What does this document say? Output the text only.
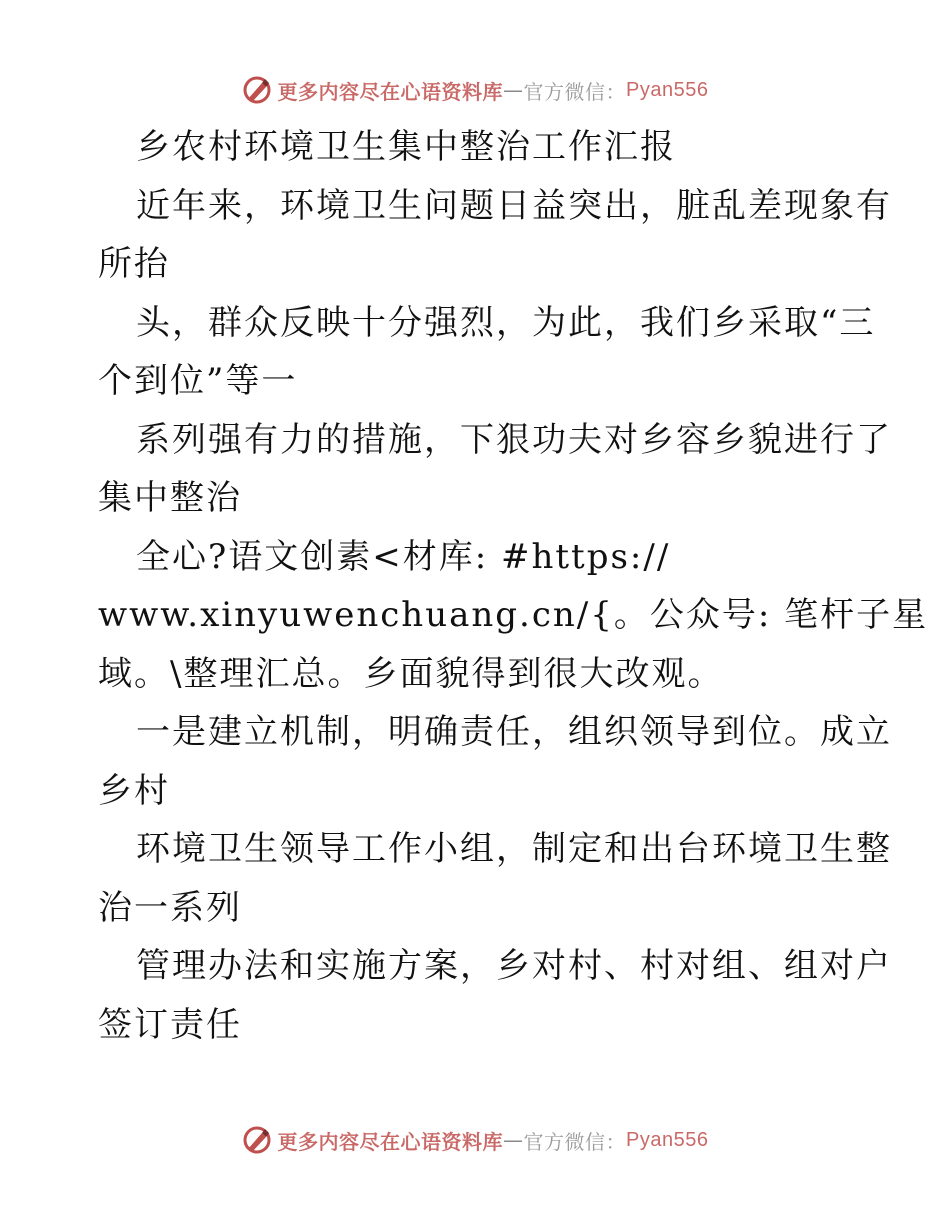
更多内容尽在心语资料库 — 官方微信： Pyan556
乡农村环境卫生集中整治工作汇报
近年来，环境卫生问题日益突出，脏乱差现象有
所抬
头，群众反映十分强烈，为此，我们乡采取“三
个到位”等一
系列强有力的措施，下狠功夫对乡容乡貌进行了
集中整治
全心?语文创素<材库: #https://
www.xinyuwenchuang.cn/{。公众号: 笔杆子星
域。\整理汇总。乡面貌得到很大改观。
一是建立机制，明确责任，组织领导到位。成立
乡村
环境卫生领导工作小组，制定和出台环境卫生整
治一系列
管理办法和实施方案，乡对村、村对组、组对户
签订责任
更多内容尽在心语资料库 — 官方微信： Pyan556
